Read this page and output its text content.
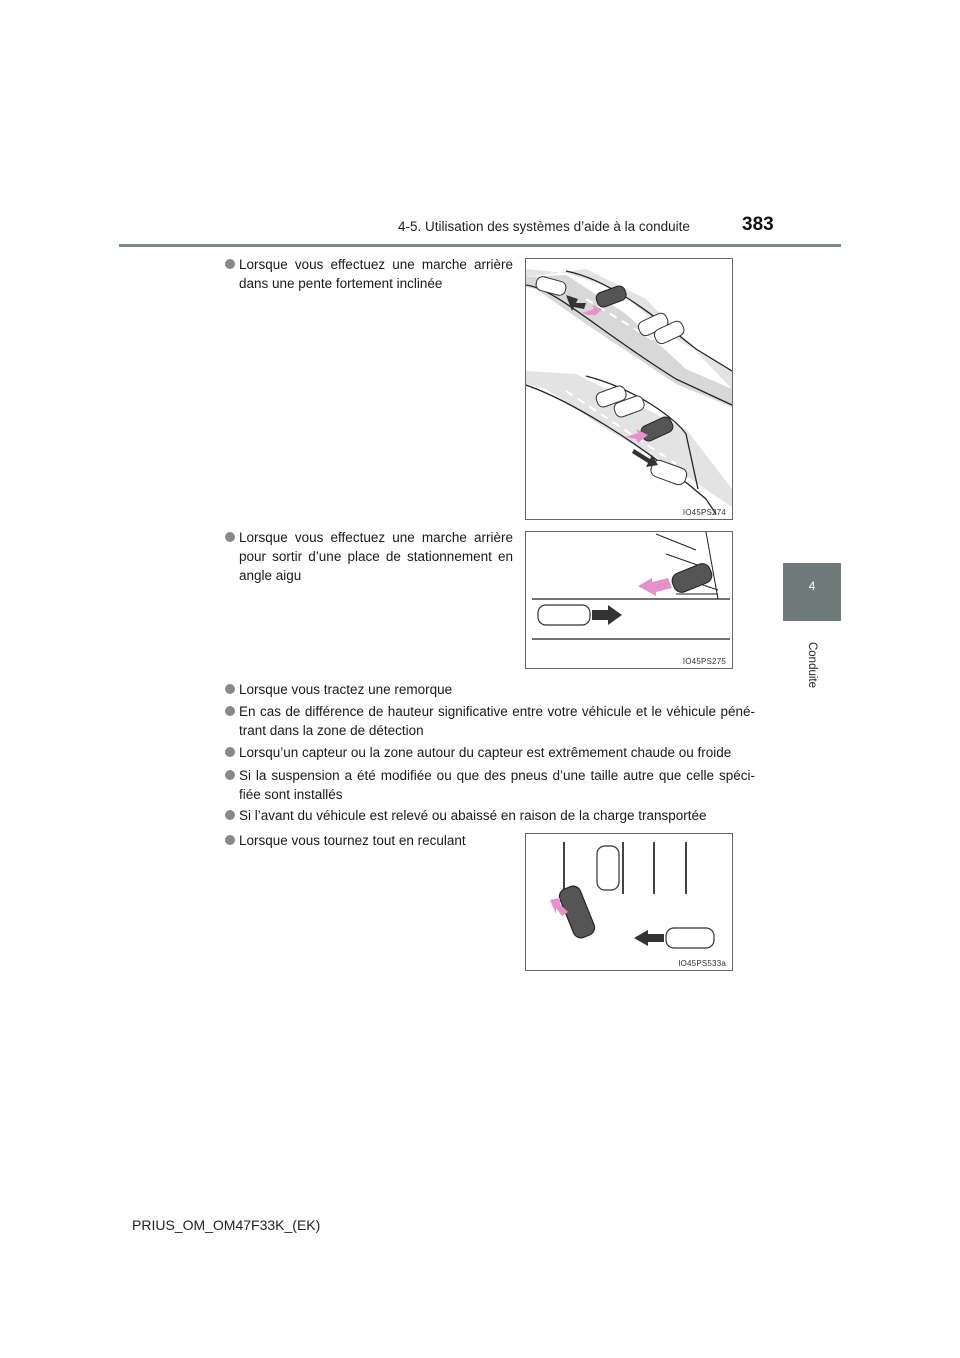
4-5. Utilisation des systèmes d’aide à la conduite	383
4
Conduite
Lorsque vous effectuez une marche arrière dans une pente fortement inclinée
Lorsque vous effectuez une marche arrière pour sortir d’une place de stationnement en angle aigu
Lorsque vous tractez une remorque
En cas de différence de hauteur significative entre votre véhicule et le véhicule péné-trant dans la zone de détection
Lorsqu’un capteur ou la zone autour du capteur est extrêmement chaude ou froide
Si la suspension a été modifiée ou que des pneus d’une taille autre que celle spéci-fiée sont installés
Si l’avant du véhicule est relevé ou abaissé en raison de la charge transportée
Lorsque vous tournez tout en reculant
IO45PS274
IO45PS275
IO45PS533a
PRIUS_OM_OM47F33K_(EK)
